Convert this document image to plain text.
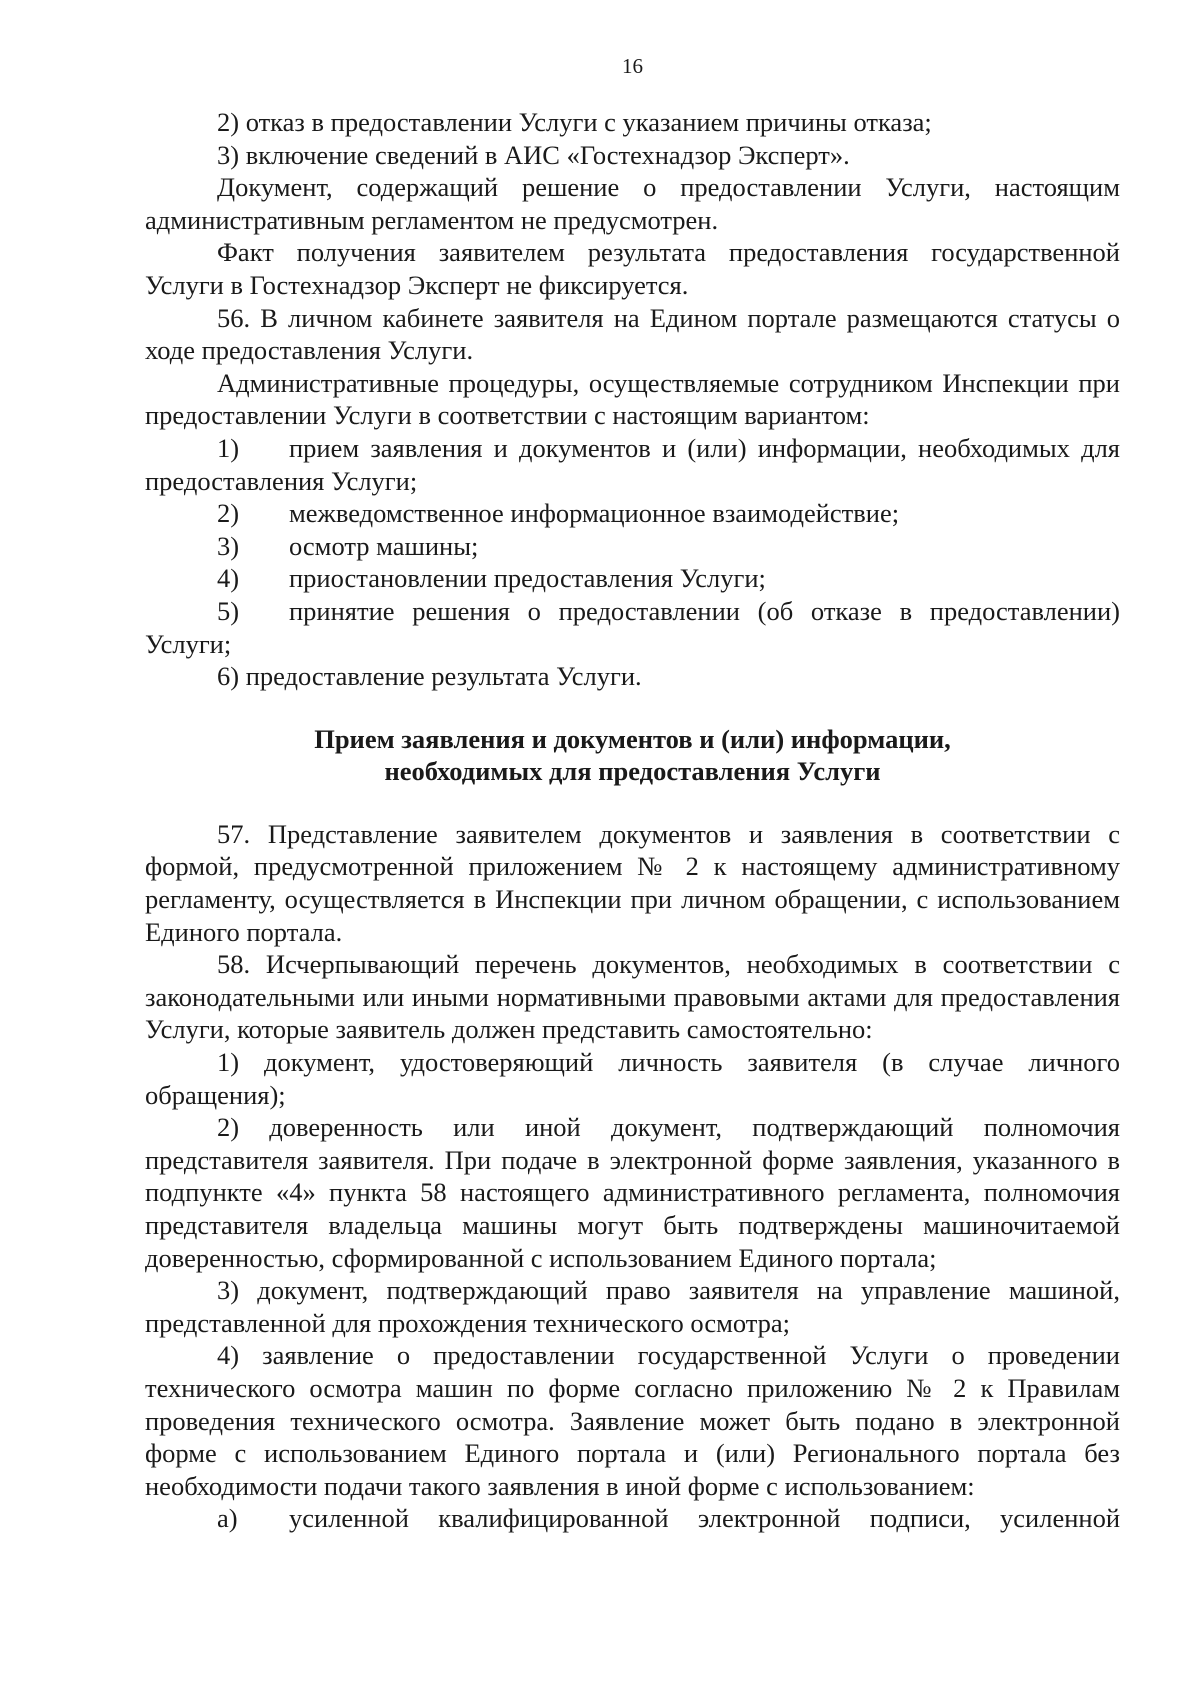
16

2) отказ в предоставлении Услуги с указанием причины отказа;

3) включение сведений в АИС «Гостехнадзор Эксперт».

Документ, содержащий решение о предоставлении Услуги, настоящим административным регламентом не предусмотрен.

Факт получения заявителем результата предоставления государственной Услуги в Гостехнадзор Эксперт не фиксируется.

56. В личном кабинете заявителя на Едином портале размещаются статусы о ходе предоставления Услуги.

Административные процедуры, осуществляемые сотрудником Инспекции при предоставлении Услуги в соответствии с настоящим вариантом:

1) прием заявления и документов и (или) информации, необходимых для предоставления Услуги;

2) межведомственное информационное взаимодействие;

3) осмотр машины;

4) приостановлении предоставления Услуги;

5) принятие решения о предоставлении (об отказе в предоставлении) Услуги;

6) предоставление результата Услуги.

Прием заявления и документов и (или) информации,
необходимых для предоставления Услуги

57. Представление заявителем документов и заявления в соответствии с формой, предусмотренной приложением № 2 к настоящему административному регламенту, осуществляется в Инспекции при личном обращении, с использованием Единого портала.

58. Исчерпывающий перечень документов, необходимых в соответствии с законодательными или иными нормативными правовыми актами для предоставления Услуги, которые заявитель должен представить самостоятельно:

1) документ, удостоверяющий личность заявителя (в случае личного обращения);

2) доверенность или иной документ, подтверждающий полномочия представителя заявителя. При подаче в электронной форме заявления, указанного в подпункте «4» пункта 58 настоящего административного регламента, полномочия представителя владельца машины могут быть подтверждены машиночитаемой доверенностью, сформированной с использованием Единого портала;

3) документ, подтверждающий право заявителя на управление машиной, представленной для прохождения технического осмотра;

4) заявление о предоставлении государственной Услуги о проведении технического осмотра машин по форме согласно приложению № 2 к Правилам проведения технического осмотра. Заявление может быть подано в электронной форме с использованием Единого портала и (или) Регионального портала без необходимости подачи такого заявления в иной форме с использованием:

а) усиленной квалифицированной электронной подписи, усиленной
